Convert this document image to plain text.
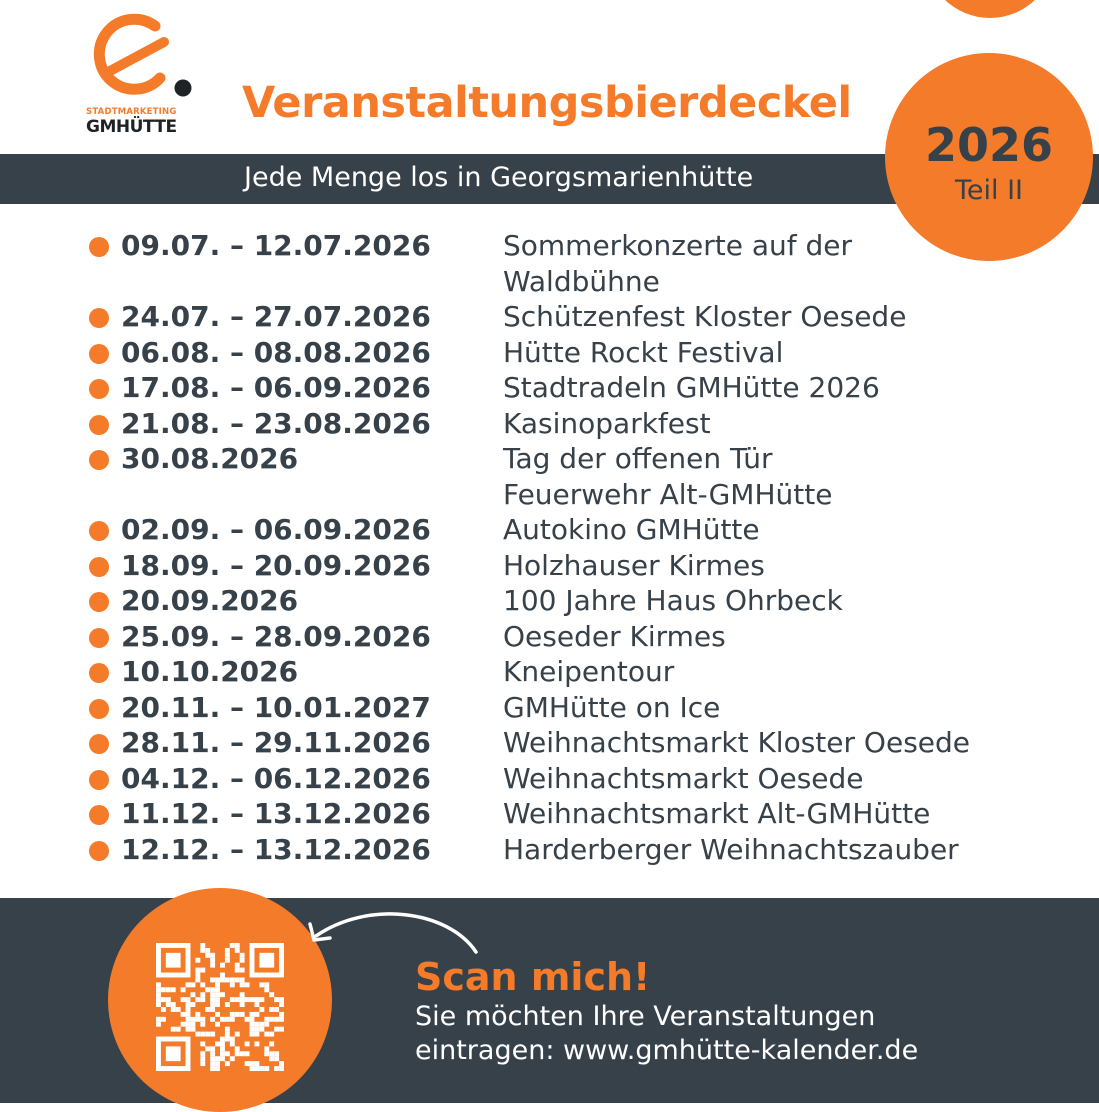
STADTMARKETING
GMHÜTTE	Veranstaltungsbierdeckel
Jede Menge los in Georgsmarienhütte
2026
Teil II
09.07. – 12.07.2026	Sommerkonzerte auf der
Waldbühne
24.07. – 27.07.2026	Schützenfest Kloster Oesede
06.08. – 08.08.2026	Hütte Rockt Festival
17.08. – 06.09.2026	Stadtradeln GMHütte 2026
21.08. – 23.08.2026	Kasinoparkfest
30.08.2026	Tag der offenen Tür
Feuerwehr Alt-GMHütte
02.09. – 06.09.2026	Autokino GMHütte
18.09. – 20.09.2026	Holzhauser Kirmes
20.09.2026	100 Jahre Haus Ohrbeck
25.09. – 28.09.2026	Oeseder Kirmes
10.10.2026	Kneipentour
20.11. – 10.01.2027	GMHütte on Ice
28.11. – 29.11.2026	Weihnachtsmarkt Kloster Oesede
04.12. – 06.12.2026	Weihnachtsmarkt Oesede
11.12. – 13.12.2026	Weihnachtsmarkt Alt-GMHütte
12.12. – 13.12.2026	Harderberger Weihnachtszauber
Scan mich!
Sie möchten Ihre Veranstaltungen
eintragen: www.gmhütte-kalender.de
